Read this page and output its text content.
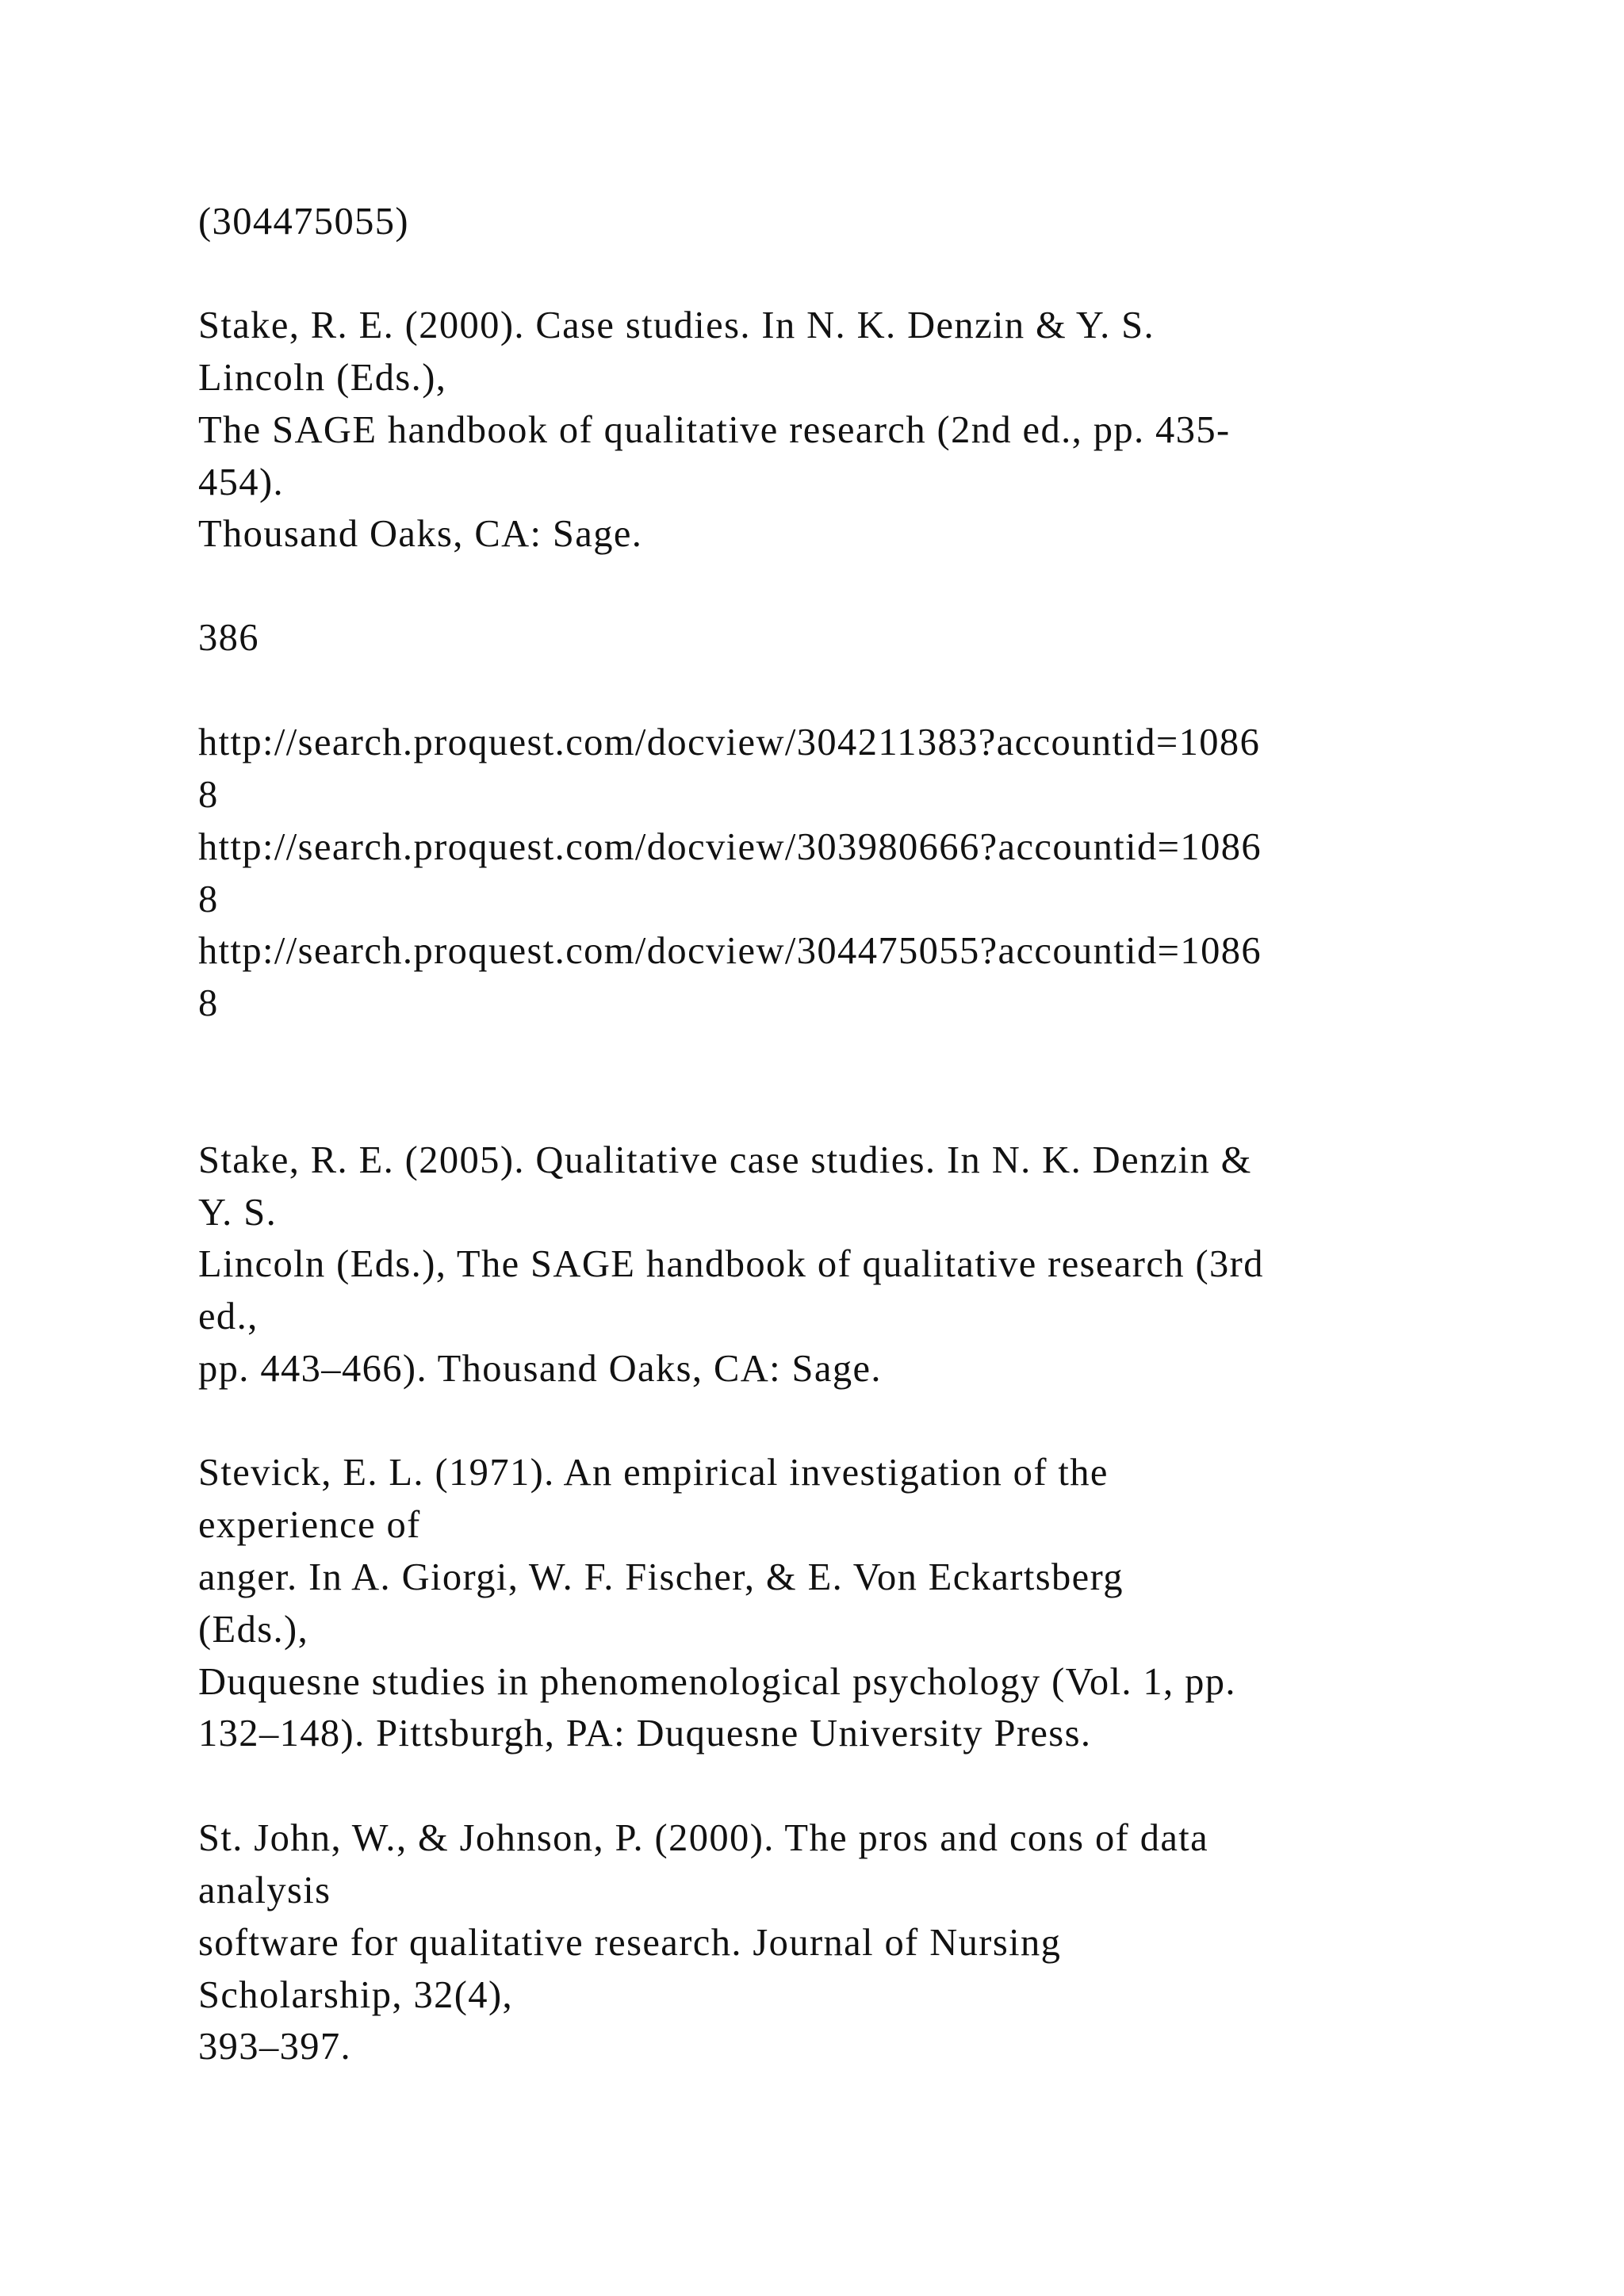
(304475055)

Stake, R. E. (2000). Case studies. In N. K. Denzin & Y. S.

Lincoln (Eds.),

The SAGE handbook of qualitative research (2nd ed., pp. 435-

454).

Thousand Oaks, CA: Sage.

386

http://search.proquest.com/docview/304211383?accountid=1086

8

http://search.proquest.com/docview/303980666?accountid=1086

8

http://search.proquest.com/docview/304475055?accountid=1086

8

Stake, R. E. (2005). Qualitative case studies. In N. K. Denzin &

Y. S.

Lincoln (Eds.), The SAGE handbook of qualitative research (3rd

ed.,

pp. 443–466). Thousand Oaks, CA: Sage.

Stevick, E. L. (1971). An empirical investigation of the

experience of

anger. In A. Giorgi, W. F. Fischer, & E. Von Eckartsberg

(Eds.),

Duquesne studies in phenomenological psychology (Vol. 1, pp.

132–148). Pittsburgh, PA: Duquesne University Press.

St. John, W., & Johnson, P. (2000). The pros and cons of data

analysis

software for qualitative research. Journal of Nursing

Scholarship, 32(4),

393–397.
